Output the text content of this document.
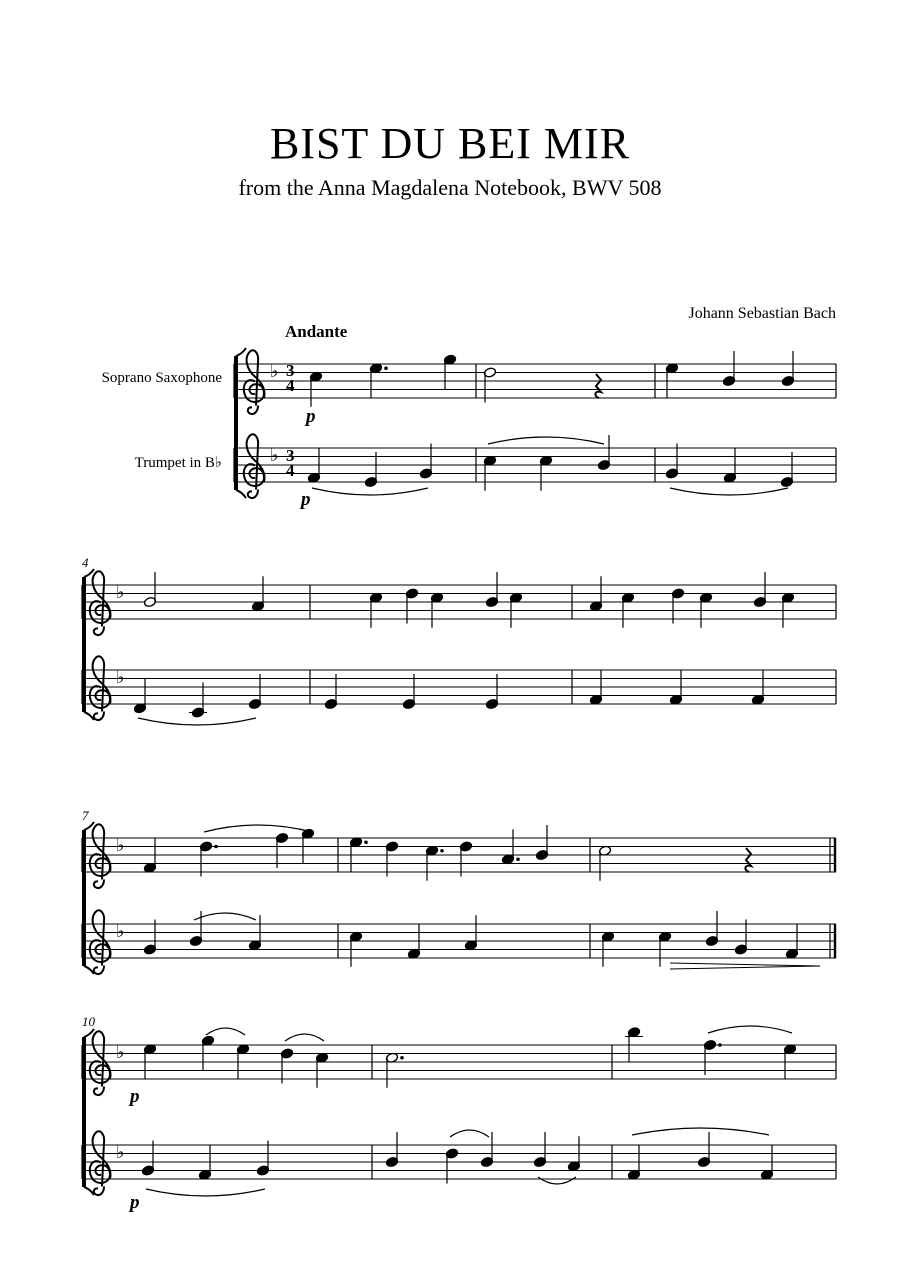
BIST DU BEI MIR
from the Anna Magdalena Notebook, BWV 508
Johann Sebastian Bach
Andante
Soprano Saxophone
Trumpet in B♭
4
7
10
p
p
p
p
3
4
3
4
♭
♭
♭
♭
♭
♭
♭
♭
